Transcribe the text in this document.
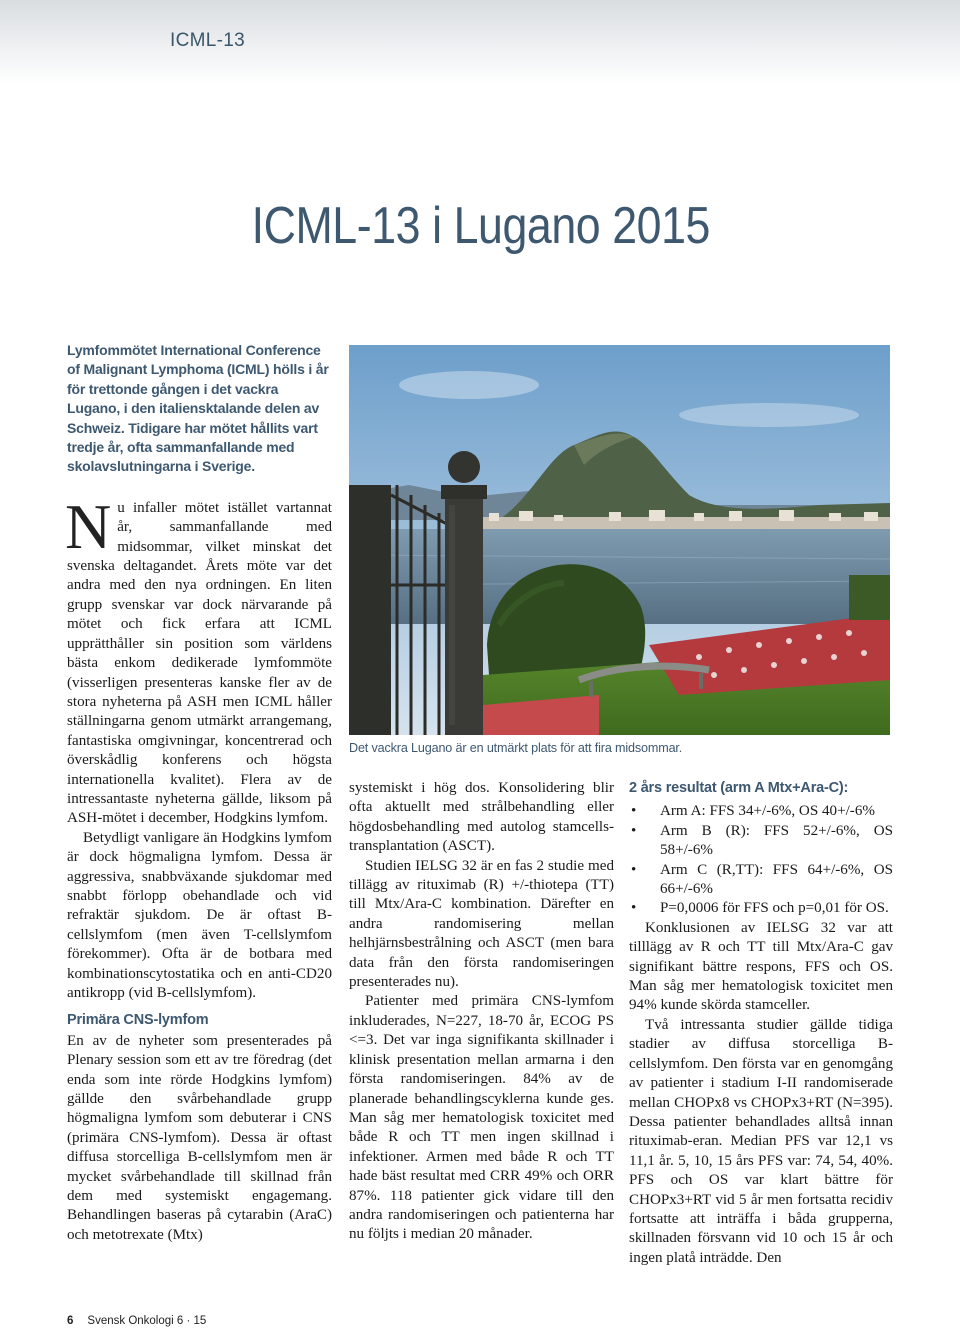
ICML-13
ICML-13 i Lugano 2015

Lymfommötet International Conference of Malignant Lymphoma (ICML) hölls i år för trettonde gången i det vackra Lugano, i den italiensktalande delen av Schweiz. Tidigare har mötet hållits vart tredje år, ofta sammanfallande med skolavslutningarna i Sverige.

Nu infaller mötet istället vartannat år, sammanfallande med midsommar, vilket minskat det svenska deltagandet. Årets möte var det andra med den nya ordningen. En liten grupp svenskar var dock närvarande på mötet och fick erfara att ICML upprätthåller sin position som världens bästa enkom dedikerade lymfommöte (visserligen presenteras kanske fler av de stora nyheterna på ASH men ICML håller ställningarna genom utmärkt arrangemang, fantastiska omgivningar, koncentrerad och överskådlig konferens och högsta internationella kvalitet). Flera av de intressantaste nyheterna gällde, liksom på ASH-mötet i december, Hodgkins lymfom.

Betydligt vanligare än Hodgkins lymfom är dock högmaligna lymfom. Dessa är aggressiva, snabbväxande sjukdomar med snabbt förlopp obehandlade och vid refraktär sjukdom. De är oftast B-cellslymfom (men även T-cellslymfom förekommer). Ofta är de botbara med kombinationscytostatika och en anti-CD20 antikropp (vid B-cellslymfom).

Primära CNS-lymfom

En av de nyheter som presenterades på Plenary session som ett av tre föredrag (det enda som inte rörde Hodgkins lymfom) gällde den svårbehandlade grupp högmaligna lymfom som debuterar i CNS (primära CNS-lymfom). Dessa är oftast diffusa storcelliga B-cellslymfom men är mycket svårbehandlade till skillnad från dem med systemiskt engagemang. Behandlingen baseras på cytarabin (AraC) och metotrexate (Mtx)

Det vackra Lugano är en utmärkt plats för att fira midsommar.

systemiskt i hög dos. Konsolidering blir ofta aktuellt med strålbehandling eller högdosbehandling med autolog stamcells-transplantation (ASCT).

Studien IELSG 32 är en fas 2 studie med tillägg av rituximab (R) +/-thiotepa (TT) till Mtx/Ara-C kombination. Därefter en andra randomisering mellan helhjärnsbestrålning och ASCT (men bara data från den första randomiseringen presenterades nu).

Patienter med primära CNS-lymfom inkluderades, N=227, 18-70 år, ECOG PS <=3. Det var inga signifikanta skillnader i klinisk presentation mellan armarna i den första randomiseringen. 84% av de planerade behandlingscyklerna kunde ges. Man såg mer hematologisk toxicitet med både R och TT men ingen skillnad i infektioner. Armen med både R och TT hade bäst resultat med CRR 49% och ORR 87%. 118 patienter gick vidare till den andra randomiseringen och patienterna har nu följts i median 20 månader.

2 års resultat (arm A Mtx+Ara-C):
• Arm A: FFS 34+/-6%, OS 40+/-6%
• Arm B (R): FFS 52+/-6%, OS 58+/-6%
• Arm C (R,TT): FFS 64+/-6%, OS 66+/-6%
• P=0,0006 för FFS och p=0,01 för OS.

Konklusionen av IELSG 32 var att tilllägg av R och TT till Mtx/Ara-C gav signifikant bättre respons, FFS och OS. Man såg mer hematologisk toxicitet men 94% kunde skörda stamceller.

Två intressanta studier gällde tidiga stadier av diffusa storcelliga B-cellslymfom. Den första var en genomgång av patienter i stadium I-II randomiserade mellan CHOPx8 vs CHOPx3+RT (N=395). Dessa patienter behandlades alltså innan rituximab-eran. Median PFS var 12,1 vs 11,1 år. 5, 10, 15 års PFS var: 74, 54, 40%. PFS och OS var klart bättre för CHOPx3+RT vid 5 år men fortsatta recidiv fortsatte att inträffa i båda grupperna, skillnaden försvann vid 10 och 15 år och ingen platå inträdde. Den

6 Svensk Onkologi 6 · 15
